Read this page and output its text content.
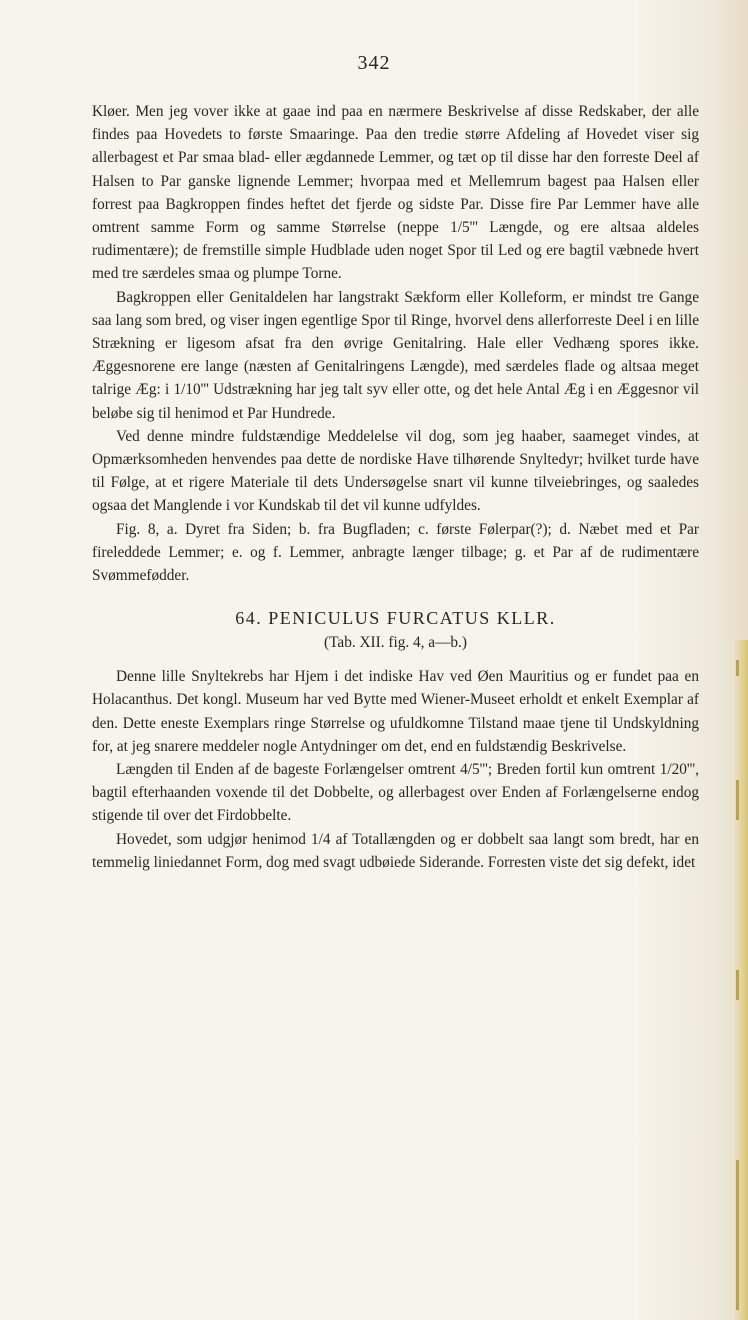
342

Kløer. Men jeg vover ikke at gaae ind paa en nærmere Beskrivelse af disse Redskaber, der alle findes paa Hovedets to første Smaaringe. Paa den tredie større Afdeling af Hovedet viser sig allerbagest et Par smaa blad- eller ægdannede Lemmer, og tæt op til disse har den forreste Deel af Halsen to Par ganske lignende Lemmer; hvorpaa med et Mellemrum bagest paa Halsen eller forrest paa Bagkroppen findes heftet det fjerde og sidste Par. Disse fire Par Lemmer have alle omtrent samme Form og samme Størrelse (neppe 1/5''' Længde, og ere altsaa aldeles rudimentære); de fremstille simple Hudblade uden noget Spor til Led og ere bagtil væbnede hvert med tre særdeles smaa og plumpe Torne.

Bagkroppen eller Genitaldelen har langstrakt Sækform eller Kolleform, er mindst tre Gange saa lang som bred, og viser ingen egentlige Spor til Ringe, hvorvel dens allerforreste Deel i en lille Strækning er ligesom afsat fra den øvrige Genitalring. Hale eller Vedhæng spores ikke. Æggesnorene ere lange (næsten af Genitalringens Længde), med særdeles flade og altsaa meget talrige Æg: i 1/10''' Udstrækning har jeg talt syv eller otte, og det hele Antal Æg i en Æggesnor vil beløbe sig til henimod et Par Hundrede.

Ved denne mindre fuldstændige Meddelelse vil dog, som jeg haaber, saameget vindes, at Opmærksomheden henvendes paa dette de nordiske Have tilhørende Snyltedyr; hvilket turde have til Følge, at et rigere Materiale til dets Undersøgelse snart vil kunne tilveiebringes, og saaledes ogsaa det Manglende i vor Kundskab til det vil kunne udfyldes.

Fig. 8, a. Dyret fra Siden; b. fra Bugfladen; c. første Følerpar(?); d. Næbet med et Par fireleddede Lemmer; e. og f. Lemmer, anbragte længer tilbage; g. et Par af de rudimentære Svømmefødder.

64. PENICULUS FURCATUS KLLR.
(Tab. XII. fig. 4, a—b.)

Denne lille Snyltekrebs har Hjem i det indiske Hav ved Øen Mauritius og er fundet paa en Holacanthus. Det kongl. Museum har ved Bytte med Wiener-Museet erholdt et enkelt Exemplar af den. Dette eneste Exemplars ringe Størrelse og ufuldkomne Tilstand maae tjene til Undskyldning for, at jeg snarere meddeler nogle Antydninger om det, end en fuldstændig Beskrivelse.

Længden til Enden af de bageste Forlængelser omtrent 4/5'''; Breden fortil kun omtrent 1/20''', bagtil efterhaanden voxende til det Dobbelte, og allerbagest over Enden af Forlængelserne endog stigende til over det Firdobbelte.

Hovedet, som udgjør henimod 1/4 af Totallængden og er dobbelt saa langt som bredt, har en temmelig liniedannet Form, dog med svagt udbøiede Siderande. Forresten viste det sig defekt, idet
